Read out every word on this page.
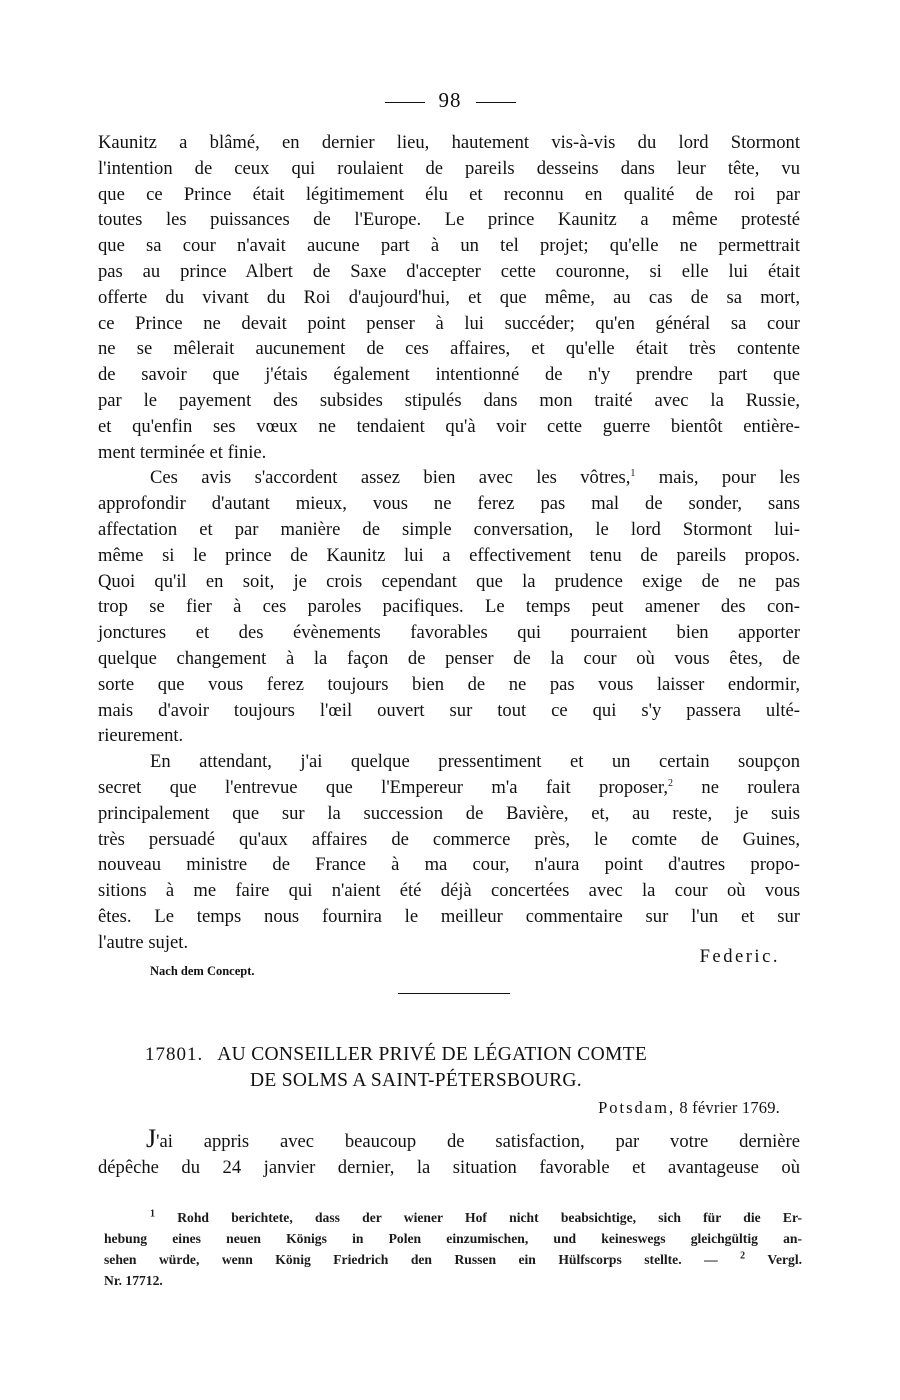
98
Kaunitz a blâmé, en dernier lieu, hautement vis-à-vis du lord Stormont
l'intention de ceux qui roulaient de pareils desseins dans leur tête, vu
que ce Prince était légitimement élu et reconnu en qualité de roi par
toutes les puissances de l'Europe. Le prince Kaunitz a même protesté
que sa cour n'avait aucune part à un tel projet; qu'elle ne permettrait
pas au prince Albert de Saxe d'accepter cette couronne, si elle lui était
offerte du vivant du Roi d'aujourd'hui, et que même, au cas de sa mort,
ce Prince ne devait point penser à lui succéder; qu'en général sa cour
ne se mêlerait aucunement de ces affaires, et qu'elle était très contente
de savoir que j'étais également intentionné de n'y prendre part que
par le payement des subsides stipulés dans mon traité avec la Russie,
et qu'enfin ses vœux ne tendaient qu'à voir cette guerre bientôt entière-
ment terminée et finie.
Ces avis s'accordent assez bien avec les vôtres,$^1$ mais, pour les
approfondir d'autant mieux, vous ne ferez pas mal de sonder, sans
affectation et par manière de simple conversation, le lord Stormont lui-
même si le prince de Kaunitz lui a effectivement tenu de pareils propos.
Quoi qu'il en soit, je crois cependant que la prudence exige de ne pas
trop se fier à ces paroles pacifiques. Le temps peut amener des con-
jonctures et des évènements favorables qui pourraient bien apporter
quelque changement à la façon de penser de la cour où vous êtes, de
sorte que vous ferez toujours bien de ne pas vous laisser endormir,
mais d'avoir toujours l'œil ouvert sur tout ce qui s'y passera ulté-
rieurement.
En attendant, j'ai quelque pressentiment et un certain soupçon
secret que l'entrevue que l'Empereur m'a fait proposer,$^2$ ne roulera
principalement que sur la succession de Bavière, et, au reste, je suis
très persuadé qu'aux affaires de commerce près, le comte de Guines,
nouveau ministre de France à ma cour, n'aura point d'autres propo-
sitions à me faire qui n'aient été déjà concertées avec la cour où vous
êtes. Le temps nous fournira le meilleur commentaire sur l'un et sur
l'autre sujet.
Nach dem Concept.
Federic.
17801. AU CONSEILLER PRIVÉ DE LÉGATION COMTE
DE SOLMS A SAINT-PÉTERSBOURG.
Potsdam, 8 février 1769.
J'ai appris avec beaucoup de satisfaction, par votre dernière
dépêche du 24 janvier dernier, la situation favorable et avantageuse où
$^1$ Rohd berichtete, dass der wiener Hof nicht beabsichtige, sich für die Er-
hebung eines neuen Königs in Polen einzumischen, und keineswegs gleichgültig an-
sehen würde, wenn König Friedrich den Russen ein Hülfscorps stellte. — $^2$ Vergl.
Nr. 17712.
